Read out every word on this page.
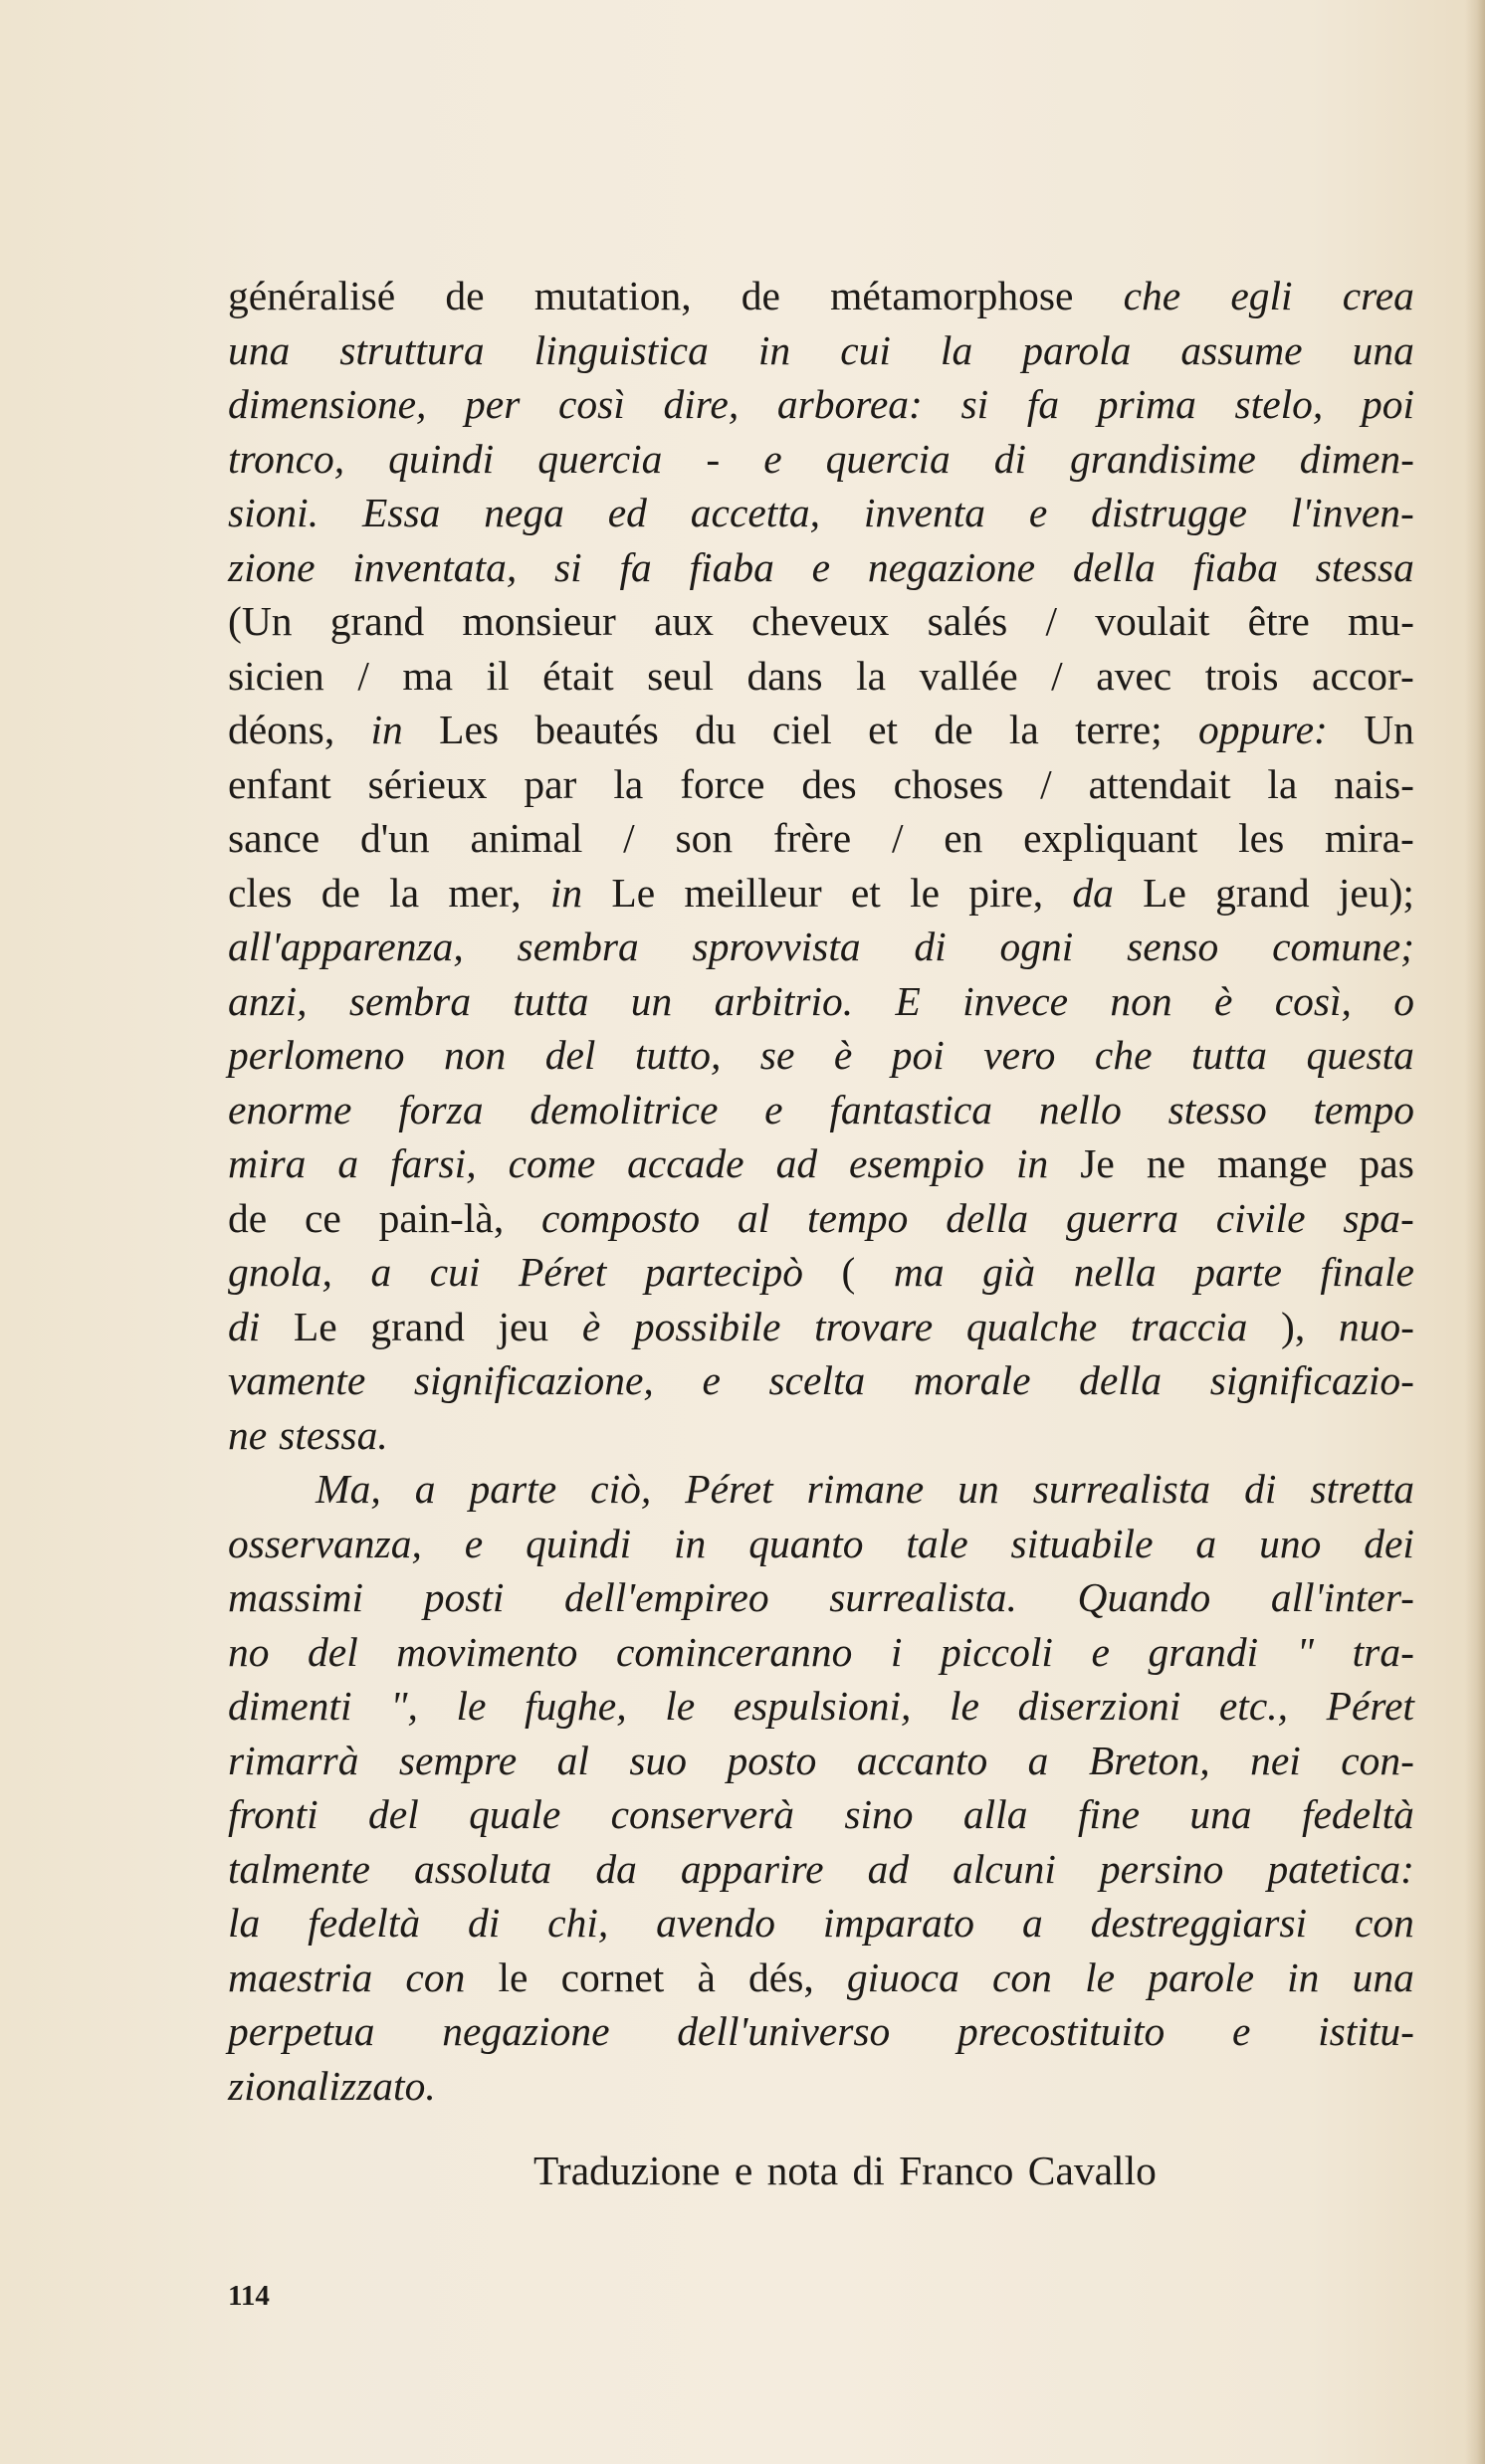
généralisé de mutation, de métamorphose che egli crea
una struttura linguistica in cui la parola assume una
dimensione, per così dire, arborea: si fa prima stelo, poi
tronco, quindi quercia - e quercia di grandisime dimen-
sioni. Essa nega ed accetta, inventa e distrugge l'inven-
zione inventata, si fa fiaba e negazione della fiaba stessa
(Un grand monsieur aux cheveux salés / voulait être mu-
sicien / ma il était seul dans la vallée / avec trois accor-
déons, in Les beautés du ciel et de la terre; oppure: Un
enfant sérieux par la force des choses / attendait la nais-
sance d'un animal / son frère / en expliquant les mira-
cles de la mer, in Le meilleur et le pire, da Le grand jeu);
all'apparenza, sembra sprovvista di ogni senso comune;
anzi, sembra tutta un arbitrio. E invece non è così, o
perlomeno non del tutto, se è poi vero che tutta questa
enorme forza demolitrice e fantastica nello stesso tempo
mira a farsi, come accade ad esempio in Je ne mange pas
de ce pain-là, composto al tempo della guerra civile spa-
gnola, a cui Péret partecipò ( ma già nella parte finale
di Le grand jeu è possibile trovare qualche traccia ), nuo-
vamente significazione, e scelta morale della significazio-
ne stessa.
Ma, a parte ciò, Péret rimane un surrealista di stretta
osservanza, e quindi in quanto tale situabile a uno dei
massimi posti dell'empireo surrealista. Quando all'inter-
no del movimento cominceranno i piccoli e grandi " tra-
dimenti ", le fughe, le espulsioni, le diserzioni etc., Péret
rimarrà sempre al suo posto accanto a Breton, nei con-
fronti del quale conserverà sino alla fine una fedeltà
talmente assoluta da apparire ad alcuni persino patetica:
la fedeltà di chi, avendo imparato a destreggiarsi con
maestria con le cornet à dés, giuoca con le parole in una
perpetua negazione dell'universo precostituito e istitu-
zionalizzato.
Traduzione e nota di Franco Cavallo
114
